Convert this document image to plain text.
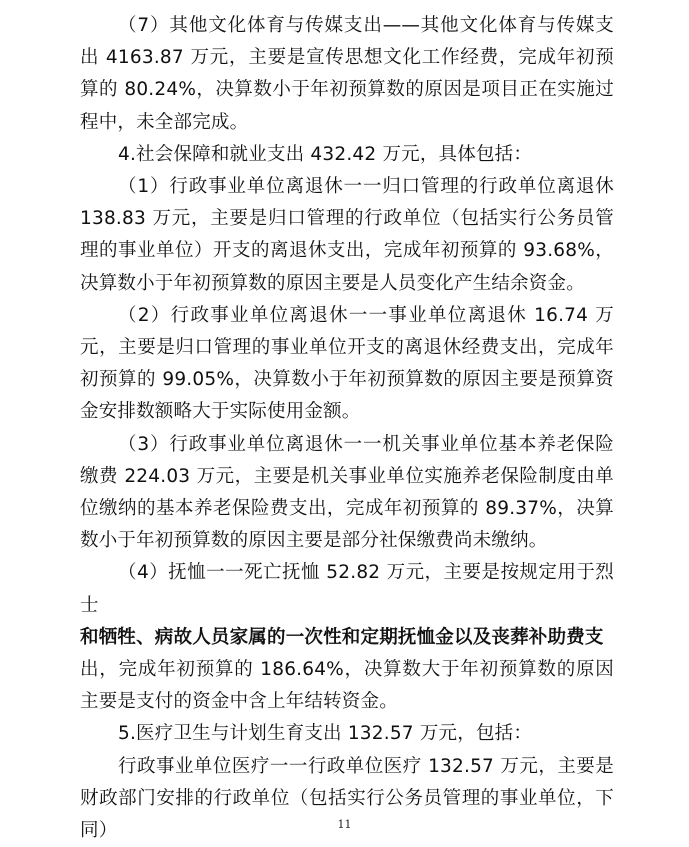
（7）其他文化体育与传媒支出——其他文化体育与传媒支出 4163.87 万元，主要是宣传思想文化工作经费，完成年初预算的 80.24%，决算数小于年初预算数的原因是项目正在实施过程中，未全部完成。

4.社会保障和就业支出 432.42 万元，具体包括：

（1）行政事业单位离退休一一归口管理的行政单位离退休 138.83 万元，主要是归口管理的行政单位（包括实行公务员管理的事业单位）开支的离退休支出，完成年初预算的 93.68%，决算数小于年初预算数的原因主要是人员变化产生结余资金。

（2）行政事业单位离退休一一事业单位离退休 16.74 万元，主要是归口管理的事业单位开支的离退休经费支出，完成年初预算的 99.05%，决算数小于年初预算数的原因主要是预算资金安排数额略大于实际使用金额。

（3）行政事业单位离退休一一机关事业单位基本养老保险缴费 224.03 万元，主要是机关事业单位实施养老保险制度由单位缴纳的基本养老保险费支出，完成年初预算的 89.37%，决算数小于年初预算数的原因主要是部分社保缴费尚未缴纳。

（4）抚恤一一死亡抚恤 52.82 万元，主要是按规定用于烈士
和牺牲、病故人员家属的一次性和定期抚恤金以及丧葬补助费支
出，完成年初预算的 186.64%，决算数大于年初预算数的原因主要是支付的资金中含上年结转资金。

5.医疗卫生与计划生育支出 132.57 万元，包括：

行政事业单位医疗一一行政单位医疗 132.57 万元，主要是财政部门安排的行政单位（包括实行公务员管理的事业单位，下同）	11
